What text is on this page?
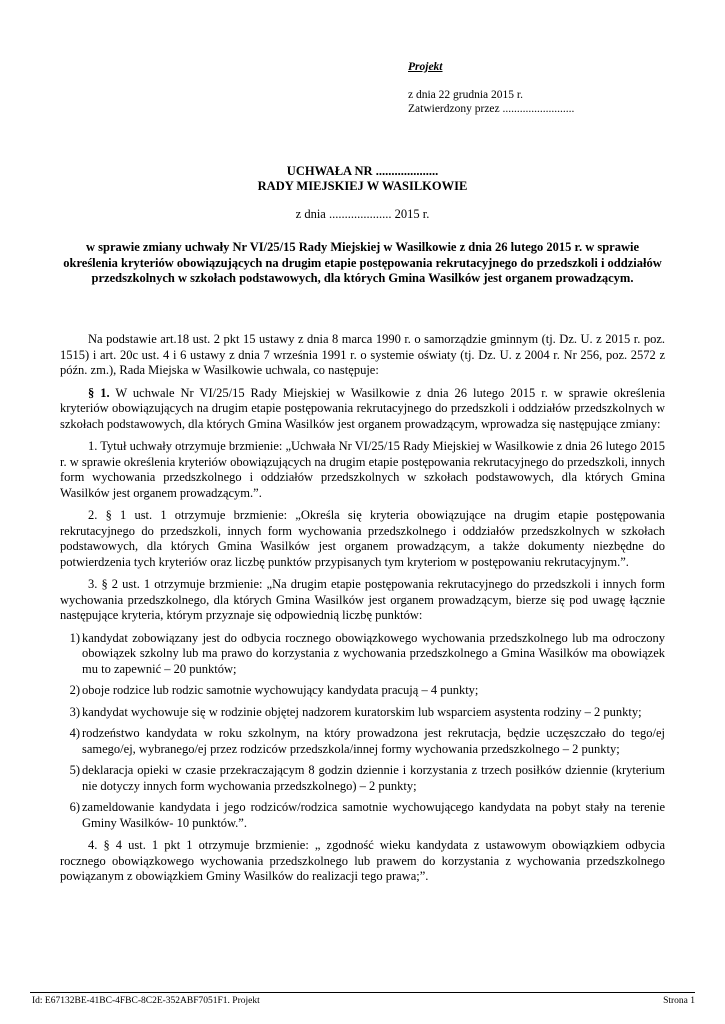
Projekt
z dnia 22 grudnia 2015 r.
Zatwierdzony przez .........................
UCHWAŁA NR ....................
RADY MIEJSKIEJ W WASILKOWIE
z dnia .................... 2015 r.
w sprawie zmiany uchwały Nr VI/25/15 Rady Miejskiej w Wasilkowie z dnia 26 lutego 2015 r. w sprawie określenia kryteriów obowiązujących na drugim etapie postępowania rekrutacyjnego do przedszkoli i oddziałów przedszkolnych w szkołach podstawowych, dla których Gmina Wasilków jest organem prowadzącym.

Na podstawie art.18 ust. 2 pkt 15 ustawy z dnia 8 marca 1990 r. o samorządzie gminnym (tj. Dz. U. z 2015 r. poz. 1515) i art. 20c ust. 4 i 6 ustawy z dnia 7 września 1991 r. o systemie oświaty (tj. Dz. U. z 2004 r. Nr 256, poz. 2572 z późn. zm.), Rada Miejska w Wasilkowie uchwala, co następuje:

§ 1. W uchwale Nr VI/25/15 Rady Miejskiej w Wasilkowie z dnia 26 lutego 2015 r. w sprawie określenia kryteriów obowiązujących na drugim etapie postępowania rekrutacyjnego do przedszkoli i oddziałów przedszkolnych w szkołach podstawowych, dla których Gmina Wasilków jest organem prowadzącym, wprowadza się następujące zmiany:

1. Tytuł uchwały otrzymuje brzmienie: „Uchwała Nr VI/25/15 Rady Miejskiej w Wasilkowie z dnia 26 lutego 2015 r. w sprawie określenia kryteriów obowiązujących na drugim etapie postępowania rekrutacyjnego do przedszkoli, innych form wychowania przedszkolnego i oddziałów przedszkolnych w szkołach podstawowych, dla których Gmina Wasilków jest organem prowadzącym.”.

2. § 1 ust. 1 otrzymuje brzmienie: „Określa się kryteria obowiązujące na drugim etapie postępowania rekrutacyjnego do przedszkoli, innych form wychowania przedszkolnego i oddziałów przedszkolnych w szkołach podstawowych, dla których Gmina Wasilków jest organem prowadzącym, a także dokumenty niezbędne do potwierdzenia tych kryteriów oraz liczbę punktów przypisanych tym kryteriom w postępowaniu rekrutacyjnym.”.

3. § 2 ust. 1 otrzymuje brzmienie: „Na drugim etapie postępowania rekrutacyjnego do przedszkoli i innych form wychowania przedszkolnego, dla których Gmina Wasilków jest organem prowadzącym, bierze się pod uwagę łącznie następujące kryteria, którym przyznaje się odpowiednią liczbę punktów:

1) kandydat zobowiązany jest do odbycia rocznego obowiązkowego wychowania przedszkolnego lub ma odroczony obowiązek szkolny lub ma prawo do korzystania z wychowania przedszkolnego a Gmina Wasilków ma obowiązek mu to zapewnić – 20 punktów;
2) oboje rodzice lub rodzic samotnie wychowujący kandydata pracują – 4 punkty;
3) kandydat wychowuje się w rodzinie objętej nadzorem kuratorskim lub wsparciem asystenta rodziny – 2 punkty;
4) rodzeństwo kandydata w roku szkolnym, na który prowadzona jest rekrutacja, będzie uczęszczało do tego/ej samego/ej, wybranego/ej przez rodziców przedszkola/innej formy wychowania przedszkolnego – 2 punkty;
5) deklaracja opieki w czasie przekraczającym 8 godzin dziennie i korzystania z trzech posiłków dziennie (kryterium nie dotyczy innych form wychowania przedszkolnego) – 2 punkty;
6) zameldowanie kandydata i jego rodziców/rodzica samotnie wychowującego kandydata na pobyt stały na terenie Gminy Wasilków- 10 punktów.”.

4. § 4 ust. 1 pkt 1 otrzymuje brzmienie: „ zgodność wieku kandydata z ustawowym obowiązkiem odbycia rocznego obowiązkowego wychowania przedszkolnego lub prawem do korzystania z wychowania przedszkolnego powiązanym z obowiązkiem Gminy Wasilków do realizacji tego prawa;”.

Id: E67132BE-41BC-4FBC-8C2E-352ABF7051F1. Projekt	Strona 1
